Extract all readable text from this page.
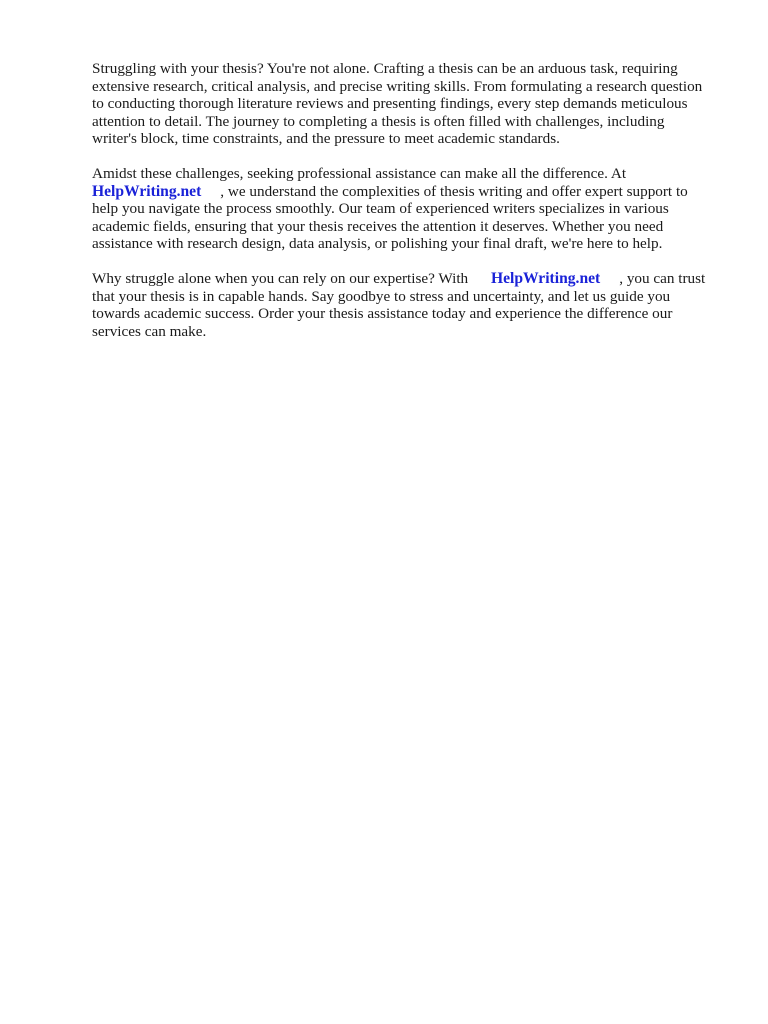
Struggling with your thesis? You're not alone. Crafting a thesis can be an arduous task, requiring
extensive research, critical analysis, and precise writing skills. From formulating a research question
to conducting thorough literature reviews and presenting findings, every step demands meticulous
attention to detail. The journey to completing a thesis is often filled with challenges, including
writer's block, time constraints, and the pressure to meet academic standards.
Amidst these challenges, seeking professional assistance can make all the difference. At
HelpWriting.net     , we understand the complexities of thesis writing and offer expert support to
help you navigate the process smoothly. Our team of experienced writers specializes in various
academic fields, ensuring that your thesis receives the attention it deserves. Whether you need
assistance with research design, data analysis, or polishing your final draft, we're here to help.
Why struggle alone when you can rely on our expertise? With      HelpWriting.net     , you can trust
that your thesis is in capable hands. Say goodbye to stress and uncertainty, and let us guide you
towards academic success. Order your thesis assistance today and experience the difference our
services can make.
